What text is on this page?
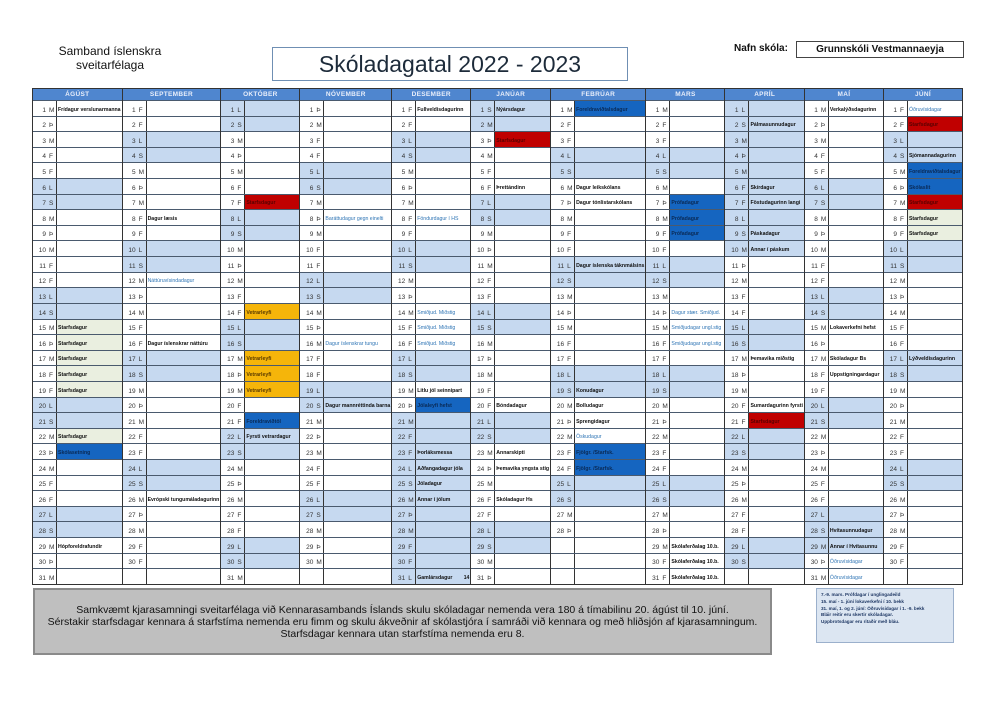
Samband íslenskra
sveitarfélaga	Skóladagatal 2022 - 2023
Nafn skóla:	Grunnskóli Vestmannaeyja
ÁGÚST
1 M Frídagur verslunarmanna
2 Þ
3 M
4 F
5 F
6 L
7 S
8 M
9 Þ
10 M
11 F
12 F
13 L
14 S
15 M Starfsdagur
16 Þ Starfsdagur
17 M Starfsdagur
18 F Starfsdagur
19 F Starfsdagur
20 L
21 S
22 M Starfsdagur
23 Þ Skólasetning
24 M
25 F
26 F
27 L
28 S
29 M Hópforeldrafundir
30 Þ
31 M
SEPTEMBER
1 F
2 F
3 L
4 S
5 M
6 Þ
7 M
8 F Dagur læsis
9 F
10 L
11 S
12 M Náttúruvísindadagur
13 Þ
14 M
15 F
16 F Dagur íslenskrar náttúru
17 L
18 S
19 M
20 Þ
21 M
22 F
23 F
24 L
25 S
26 M Evrópski tungumáladagurinn
27 Þ
28 M
29 F
30 F
OKTÓBER
1 L
2 S
3 M
4 Þ
5 M
6 F
7 F Starfsdagur
8 L
9 S
10 M
11 Þ
12 M
13 F
14 F Vetrarleyfi
15 L
16 S
17 M Vetrarleyfi
18 Þ Vetrarleyfi
19 M Vetrarleyfi
20 F
21 F Foreldraviðtöl
22 L Fyrsti vetrardagur
23 S
24 M
25 Þ
26 M
27 F
28 F
29 L
30 S
31 M
NÓVEMBER
1 Þ
2 M
3 F
4 F
5 L
6 S
7 M
8 Þ Baráttudagur gegn einelti
9 M
10 F
11 F
12 L
13 S
14 M
15 Þ
16 M Dagur íslenskrar tungu
17 F
18 F
19 L
20 S Dagur mannréttinda barna
21 M
22 Þ
23 M
24 F
25 F
26 L
27 S
28 M
29 Þ
30 M
DESEMBER
1 F Fullveldisdagurinn
2 F
3 L
4 S
5 M
6 Þ
7 M
8 F Föndurdagur í HS
9 F
10 L
11 S
12 M
13 Þ
14 M Smiðjud. Miðstig
15 F Smiðjud. Miðstig
16 F Smiðjud. Miðstig
17 L
18 S
19 M Litlu jól seinnipart
20 Þ Jólaleyfi hefst
21 M
22 F
23 F Þorláksmessa
24 L Aðfangadagur jóla
25 S Jóladagur
26 M Annar í jólum
27 Þ
28 M
29 F
30 F
31 L Gamlársdagur 14
JANÚAR
1 S Nýársdagur
2 M
3 Þ Starfsdagur
4 M
5 F
6 F Þrettándinn
7 L
8 S
9 M
10 Þ
11 M
12 F
13 F
14 L
15 S
16 M
17 Þ
18 M
19 F
20 F Bóndadagur
21 L
22 S
23 M Annarskipti
24 Þ Þemavika yngsta stig
25 M
26 F Skóladagur Hs
27 F
28 L
29 S
30 M
31 Þ
FEBRÚAR
1 M Foreldraviðtalsdagur
2 F
3 F
4 L
5 S
6 M Dagur leikskólans
7 Þ Dagur tónlistarskólans
8 M
9 F
10 F
11 L Dagur íslenska táknmálsins
12 S
13 M
14 Þ
15 M
16 F
17 F
18 L
19 S Konudagur
20 M Bolludagur
21 Þ Sprengidagur
22 M Öskudagur
23 F Fjölgr. /Starfsk.
24 F Fjölgr. /Starfsk.
25 L
26 S
27 M
28 Þ
MARS
1 M
2 F
3 F
4 L
5 S
6 M
7 Þ Prófadagur
8 M Prófadagur
9 F Prófadagur
10 F
11 L
12 S
13 M
14 Þ Dagur stær. Smiðjud.
15 M Smiðjudagar ungl.stig
16 F Smiðjudagar ungl.stig
17 F
18 L
19 S
20 M
21 Þ
22 M
23 F
24 F
25 L
26 S
27 M
28 Þ
29 M Skólaferðalag 10.b.
30 F Skólaferðalag 10.b.
31 F Skólaferðalag 10.b.
APRÍL
1 L
2 S Pálmasunnudagur
3 M
4 Þ
5 M
6 F Skírdagur
7 F Föstudagurinn langi
8 L
9 S Páskadagur
10 M Annar í páskum
11 Þ
12 M
13 F
14 F
15 L
16 S
17 M Þemavika miðstig
18 Þ
19 M
20 F Sumardagurinn fyrsti
21 F Starfsdagur
22 L
23 S
24 M
25 Þ
26 M
27 F
28 F
29 L
30 S
MAÍ
1 M Verkalýðsdagurinn
2 Þ
3 M
4 F
5 F
6 L
7 S
8 M
9 Þ
10 M
11 F
12 F
13 L
14 S
15 M Lokaverkefni hefst
16 Þ
17 M Skóladagur Bs
18 F Uppstigningardagur
19 F
20 L
21 S
22 M
23 Þ
24 M
25 F
26 F
27 L
28 S Hvítasunnudagur
29 M Annar í Hvítasunnu
30 Þ Óðruvísidagar
31 M Óðruvísidagar
JÚNÍ
1 F Óðruvísidagar
2 F Starfsdagur
3 L
4 S Sjómannadagurinn
5 M Foreldraviðtalsdagur
6 Þ Skólaslit
7 M Starfsdagur
8 F Starfsdagur
9 F Starfsdagur
10 L
11 S
12 M
13 Þ
14 M
15 F
16 F
17 L Lýðveldisdagurinn
18 S
19 M
20 Þ
21 M
22 F
23 F
24 L
25 S
26 M
27 Þ
28 M
29 F
30 F
Samkvæmt kjarasamningi sveitarfélaga við Kennarasambands Íslands skulu skóladagar nemenda vera 180 á tímabilinu 20. ágúst til 10. júní.
Sérstakir starfsdagar kennara á starfstíma nemenda eru fimm og skulu ákveðnir af skólastjóra í samráði við kennara og með hliðsjón af kjarasamningum.
Starfsdagar kennara utan starfstíma nemenda eru 8.
7.-9. mars. Prófdagar í unglingadeild
15. maí - 1. júní lokaverkefni í 10. bekk
31. maí, 1. og 2. júní: Öðruvísidagar í 1. -9. bekk
Bláir reitir eru skertir skóladagar.
Uppbrotsdagar eru ritaðir með bláu.
